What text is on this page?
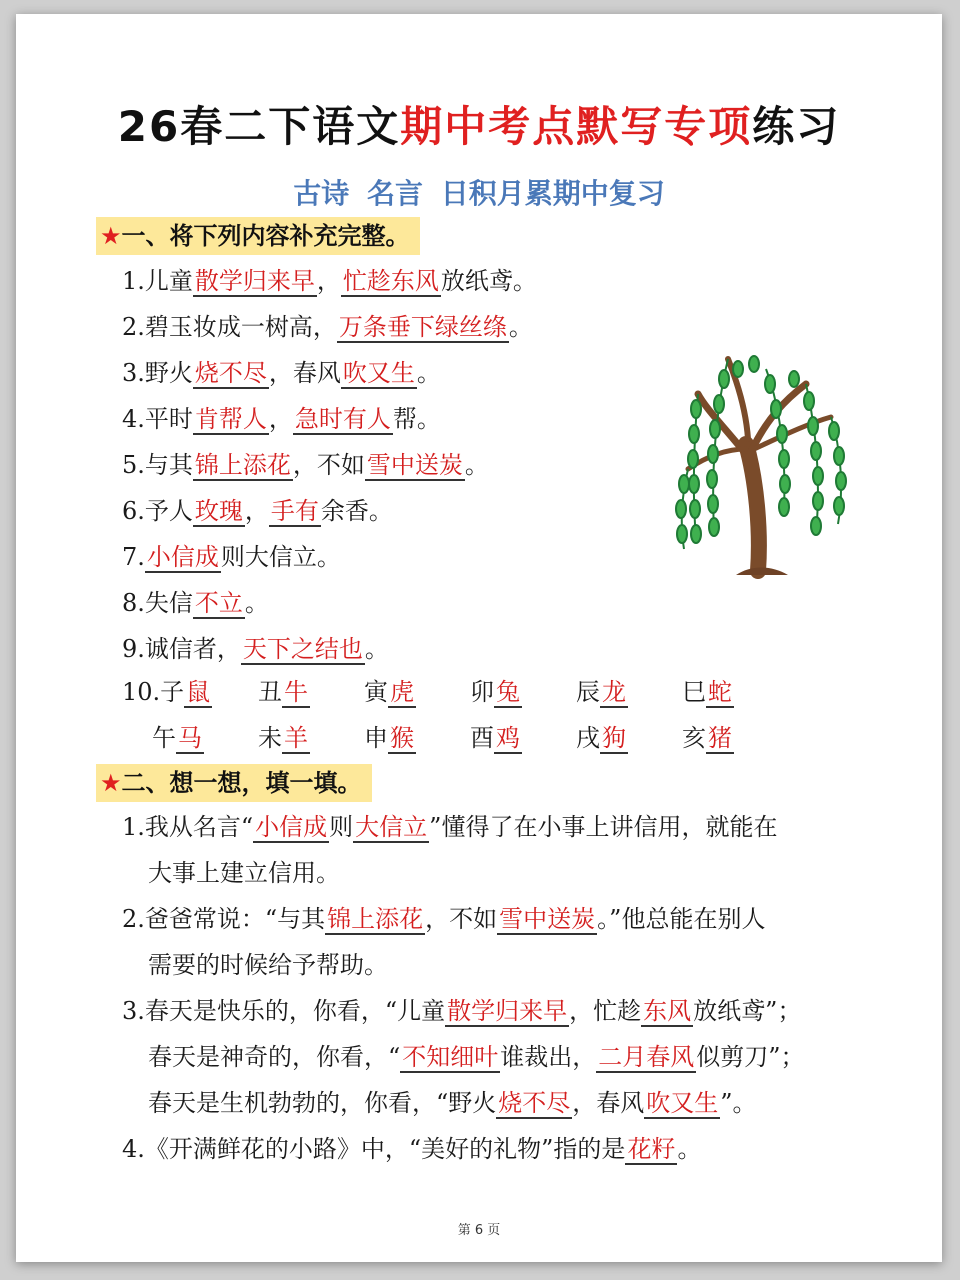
26春二下语文期中考点默写专项练习
古诗 名言 日积月累期中复习
★一、将下列内容补充完整。
1.儿童散学归来早，忙趁东风放纸鸢。
2.碧玉妆成一树高，万条垂下绿丝绦。
3.野火烧不尽，春风吹又生。
4.平时肯帮人，急时有人帮。
5.与其锦上添花，不如雪中送炭。
6.予人玫瑰，手有余香。
7.小信成则大信立。
8.失信不立。
9.诚信者，天下之结也。
10.子鼠 丑牛 寅虎 卯兔 辰龙 巳蛇
午马 未羊 申猴 酉鸡 戌狗 亥猪
★二、想一想，填一填。
1.我从名言“小信成则大信立”懂得了在小事上讲信用，就能在
大事上建立信用。
2.爸爸常说：“与其锦上添花，不如雪中送炭。”他总能在别人
需要的时候给予帮助。
3.春天是快乐的，你看，“儿童散学归来早，忙趁东风放纸鸢”；
春天是神奇的，你看，“不知细叶谁裁出，二月春风似剪刀”；
春天是生机勃勃的，你看，“野火烧不尽，春风吹又生”。
4.《开满鲜花的小路》中，“美好的礼物”指的是花籽。
第 6 页
